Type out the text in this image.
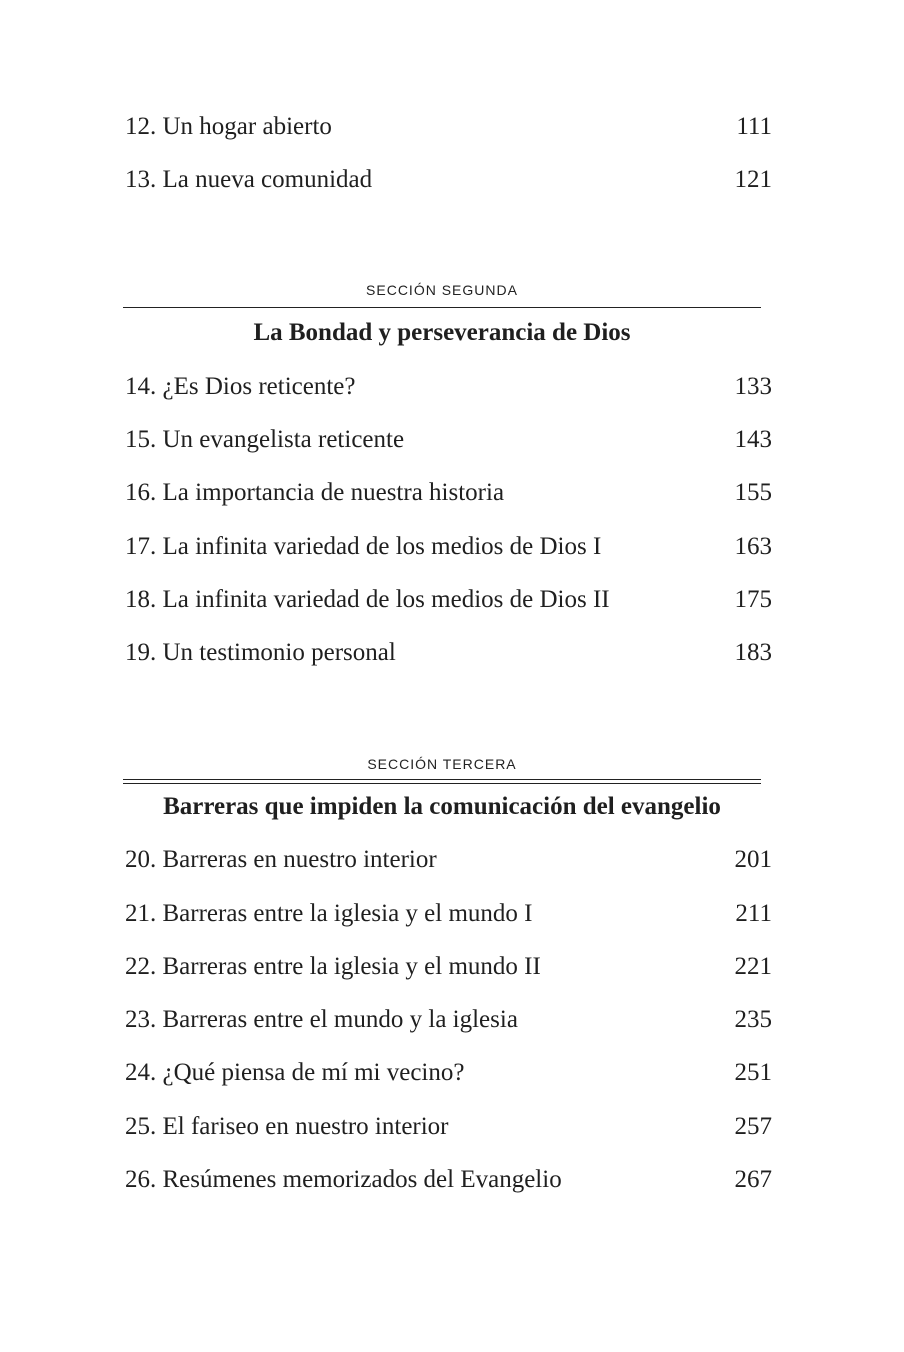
12. Un hogar abierto	111
13. La nueva comunidad	121
SECCIÓN SEGUNDA
La Bondad y perseverancia de Dios
14. ¿Es Dios reticente?	133
15. Un evangelista reticente	143
16. La importancia de nuestra historia	155
17. La infinita variedad de los medios de Dios I	163
18. La infinita variedad de los medios de Dios II	175
19. Un testimonio personal	183
SECCIÓN TERCERA
Barreras que impiden la comunicación del evangelio
20. Barreras en nuestro interior	201
21. Barreras entre la iglesia y el mundo I	211
22. Barreras entre la iglesia y el mundo II	221
23. Barreras entre el mundo y la iglesia	235
24. ¿Qué piensa de mí mi vecino?	251
25. El fariseo en nuestro interior	257
26. Resúmenes memorizados del Evangelio	267
